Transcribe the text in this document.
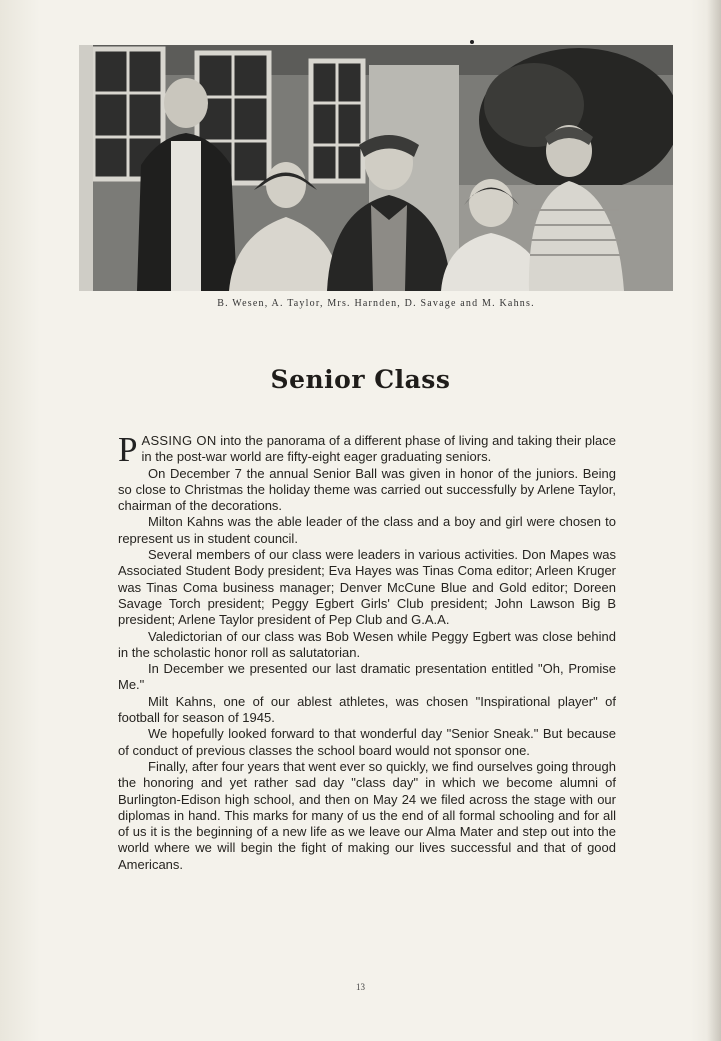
B. Wesen, A. Taylor, Mrs. Harnden, D. Savage and M. Kahns.
Senior Class

PASSING ON into the panorama of a different phase of living and taking their place in the post-war world are fifty-eight eager graduating seniors.

On December 7 the annual Senior Ball was given in honor of the juniors. Being so close to Christmas the holiday theme was carried out successfully by Arlene Taylor, chairman of the decorations.

Milton Kahns was the able leader of the class and a boy and girl were chosen to represent us in student council.

Several members of our class were leaders in various activities. Don Mapes was Associated Student Body president; Eva Hayes was Tinas Coma editor; Arleen Kruger was Tinas Coma business manager; Denver McCune Blue and Gold editor; Doreen Savage Torch president; Peggy Egbert Girls' Club president; John Lawson Big B president; Arlene Taylor president of Pep Club and G.A.A.

Valedictorian of our class was Bob Wesen while Peggy Egbert was close behind in the scholastic honor roll as salutatorian.

In December we presented our last dramatic presentation entitled "Oh, Promise Me."

Milt Kahns, one of our ablest athletes, was chosen "Inspirational player" of football for season of 1945.

We hopefully looked forward to that wonderful day "Senior Sneak." But because of conduct of previous classes the school board would not sponsor one.

Finally, after four years that went ever so quickly, we find ourselves going through the honoring and yet rather sad day "class day" in which we become alumni of Burlington-Edison high school, and then on May 24 we filed across the stage with our diplomas in hand. This marks for many of us the end of all formal schooling and for all of us it is the beginning of a new life as we leave our Alma Mater and step out into the world where we will begin the fight of making our lives successful and that of good Americans.

13
